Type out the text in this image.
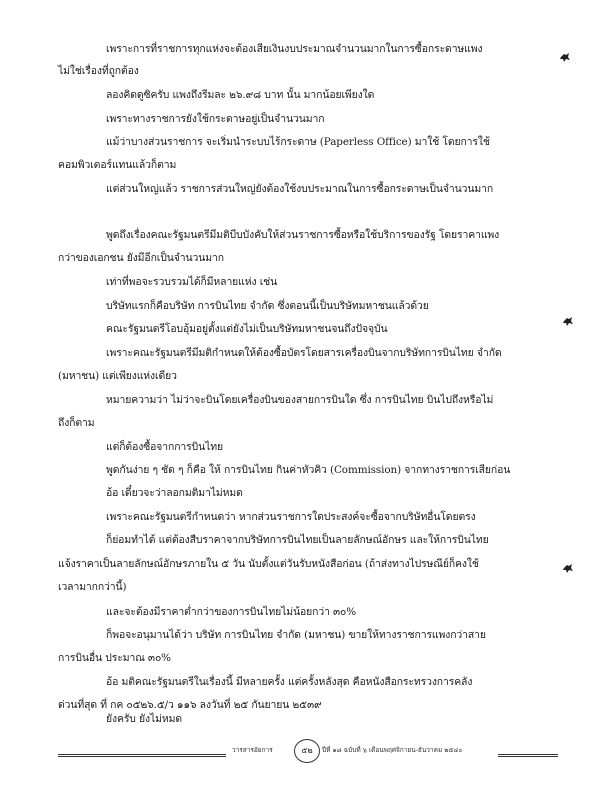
เพราะการที่ราชการทุกแห่งจะต้องเสียเงินงบประมาณจำนวนมากในการซื้อกระดาษแพง
ไม่ใช่เรื่องที่ถูกต้อง
ลองคิดดูซิครับ แพงถึงรีมละ ๒๖.๙๘ บาท นั้น มากน้อยเพียงใด
เพราะทางราชการยังใช้กระดาษอยู่เป็นจำนวนมาก
แม้ว่าบางส่วนราชการ จะเริ่มนำระบบไร้กระดาษ (Paperless Office) มาใช้ โดยการใช้
คอมพิวเตอร์แทนแล้วก็ตาม
แต่ส่วนใหญ่แล้ว ราชการส่วนใหญ่ยังต้องใช้งบประมาณในการซื้อกระดาษเป็นจำนวนมาก
พูดถึงเรื่องคณะรัฐมนตรีมีมติบีบบังคับให้ส่วนราชการซื้อหรือใช้บริการของรัฐ โดยราคาแพง
กว่าของเอกชน ยังมีอีกเป็นจำนวนมาก
เท่าที่พอจะรวบรวมได้ก็มีหลายแห่ง เช่น
บริษัทแรกก็คือบริษัท การบินไทย จำกัด ซึ่งตอนนี้เป็นบริษัทมหาชนแล้วด้วย
คณะรัฐมนตรีโอบอุ้มอยู่ตั้งแต่ยังไม่เป็นบริษัทมหาชนจนถึงปัจจุบัน
เพราะคณะรัฐมนตรีมีมติกำหนดให้ต้องซื้อบัตรโดยสารเครื่องบินจากบริษัทการบินไทย จำกัด
(มหาชน) แต่เพียงแห่งเดียว
หมายความว่า ไม่ว่าจะบินโดยเครื่องบินของสายการบินใด ซึ่ง การบินไทย บินไปถึงหรือไม่
ถึงก็ตาม
แต่ก็ต้องซื้อจากการบินไทย
พูดกันง่าย ๆ ชัด ๆ ก็คือ ให้ การบินไทย กินค่าหัวคิว (Commission) จากทางราชการเสียก่อน
อ้อ เดี๋ยวจะว่าลอกมติมาไม่หมด
เพราะคณะรัฐมนตรีกำหนดว่า หากส่วนราชการใดประสงค์จะซื้อจากบริษัทอื่นโดยตรง
ก็ย่อมทำได้ แต่ต้องสืบราคาจากบริษัทการบินไทยเป็นลายลักษณ์อักษร และให้การบินไทย
แจ้งราคาเป็นลายลักษณ์อักษรภายใน ๕ วัน นับตั้งแต่วันรับหนังสือก่อน (ถ้าส่งทางไปรษณีย์ก็คงใช้
เวลามากกว่านี้)
และจะต้องมีราคาต่ำกว่าของการบินไทยไม่น้อยกว่า ๓๐%
ก็พอจะอนุมานได้ว่า บริษัท การบินไทย จำกัด (มหาชน) ขายให้ทางราชการแพงกว่าสาย
การบินอื่น ประมาณ ๓๐%
อ้อ มติคณะรัฐมนตรีในเรื่องนี้ มีหลายครั้ง แต่ครั้งหลังสุด คือหนังสือกระทรวงการคลัง
ด่วนที่สุด ที่ กค ๐๕๒๖.๕/ว ๑๑๖ ลงวันที่ ๒๕ กันยายน ๒๕๓๙
ยังครับ ยังไม่หมด
วารสารอัยการ	๕๒	ปีที่ ๑๘ ฉบับที่ ๖ เดือนพฤศจิกายน-ธันวาคม ๒๕๔๐
